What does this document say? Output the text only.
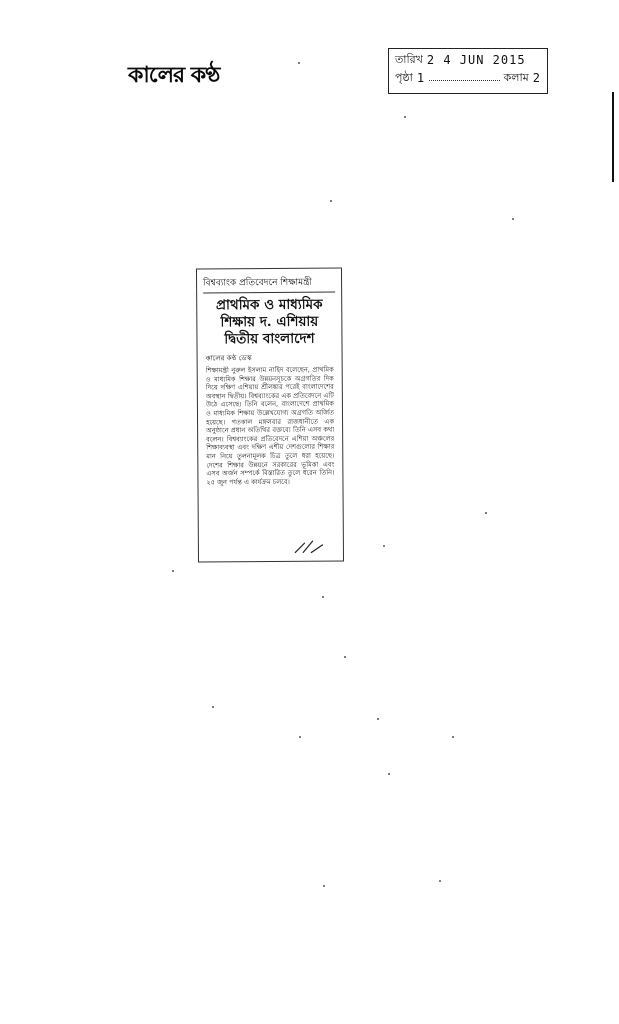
কালের কণ্ঠ
তারিখ 2 4 JUN 2015
পৃষ্ঠা 1	কলাম 2
বিশ্বব্যাংক প্রতিবেদনে শিক্ষামন্ত্রী
প্রাথমিক ও মাধ্যমিক শিক্ষায় দ. এশিয়ায় দ্বিতীয় বাংলাদেশ
কালের কণ্ঠ ডেস্ক
শিক্ষামন্ত্রী নুরুল ইসলাম নাহিদ বলেছেন, প্রাথমিক ও মাধ্যমিক শিক্ষার উন্নয়নসূচকে অগ্রগতির দিক দিয়ে দক্ষিণ এশিয়ায় শ্রীলঙ্কার পরেই বাংলাদেশের অবস্থান দ্বিতীয়। বিশ্বব্যাংকের এক প্রতিবেদনে এটি উঠে এসেছে। তিনি বলেন, বাংলাদেশে প্রাথমিক ও মাধ্যমিক শিক্ষায় উল্লেখযোগ্য অগ্রগতি অর্জিত হয়েছে। গতকাল মঙ্গলবার রাজধানীতে এক অনুষ্ঠানে প্রধান অতিথির বক্তব্যে তিনি এসব কথা বলেন। বিশ্বব্যাংকের প্রতিবেদনে এশিয়া অঞ্চলের শিক্ষাব্যবস্থা এবং দক্ষিণ এশীয় দেশগুলোর শিক্ষার মান নিয়ে তুলনামূলক চিত্র তুলে ধরা হয়েছে। দেশের শিক্ষার উন্নয়নে সরকারের ভূমিকা এবং এসব অর্জন সম্পর্কে বিস্তারিত তুলে ধরেন তিনি। ২৫ জুন পর্যন্ত এ কার্যক্রম চলবে।
